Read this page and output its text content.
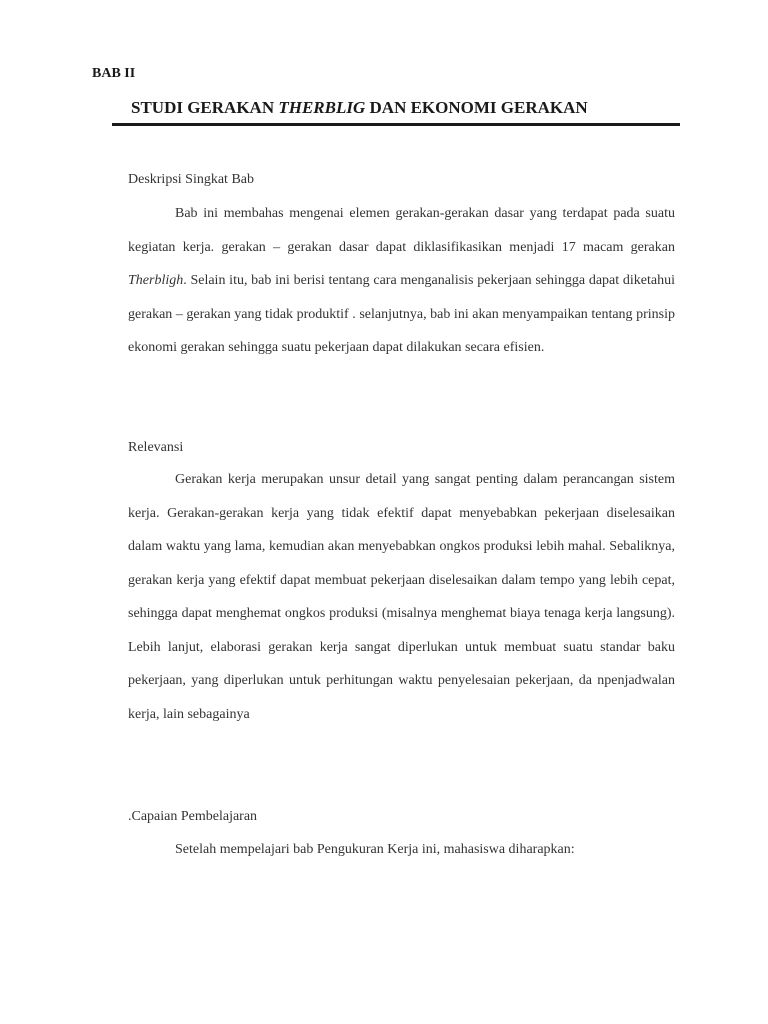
BAB II

STUDI GERAKAN THERBLIG DAN EKONOMI GERAKAN
Deskripsi Singkat Bab

Bab ini membahas mengenai elemen gerakan-gerakan dasar yang terdapat pada suatu kegiatan kerja. gerakan – gerakan dasar dapat diklasifikasikan menjadi 17 macam gerakan Therbligh. Selain itu, bab ini berisi tentang cara menganalisis pekerjaan sehingga dapat diketahui gerakan – gerakan yang tidak produktif . selanjutnya, bab ini akan menyampaikan tentang prinsip ekonomi gerakan sehingga suatu pekerjaan dapat dilakukan secara efisien.

Relevansi

Gerakan kerja merupakan unsur detail yang sangat penting dalam perancangan sistem kerja. Gerakan-gerakan kerja yang tidak efektif dapat menyebabkan pekerjaan diselesaikan dalam waktu yang lama, kemudian akan menyebabkan ongkos produksi lebih mahal. Sebaliknya, gerakan kerja yang efektif dapat membuat pekerjaan diselesaikan dalam tempo yang lebih cepat, sehingga dapat menghemat ongkos produksi (misalnya menghemat biaya tenaga kerja langsung). Lebih lanjut, elaborasi gerakan kerja sangat diperlukan untuk membuat suatu standar baku pekerjaan, yang diperlukan untuk perhitungan waktu penyelesaian pekerjaan, da npenjadwalan kerja, lain sebagainya

.Capaian Pembelajaran

Setelah mempelajari bab Pengukuran Kerja ini, mahasiswa diharapkan:
